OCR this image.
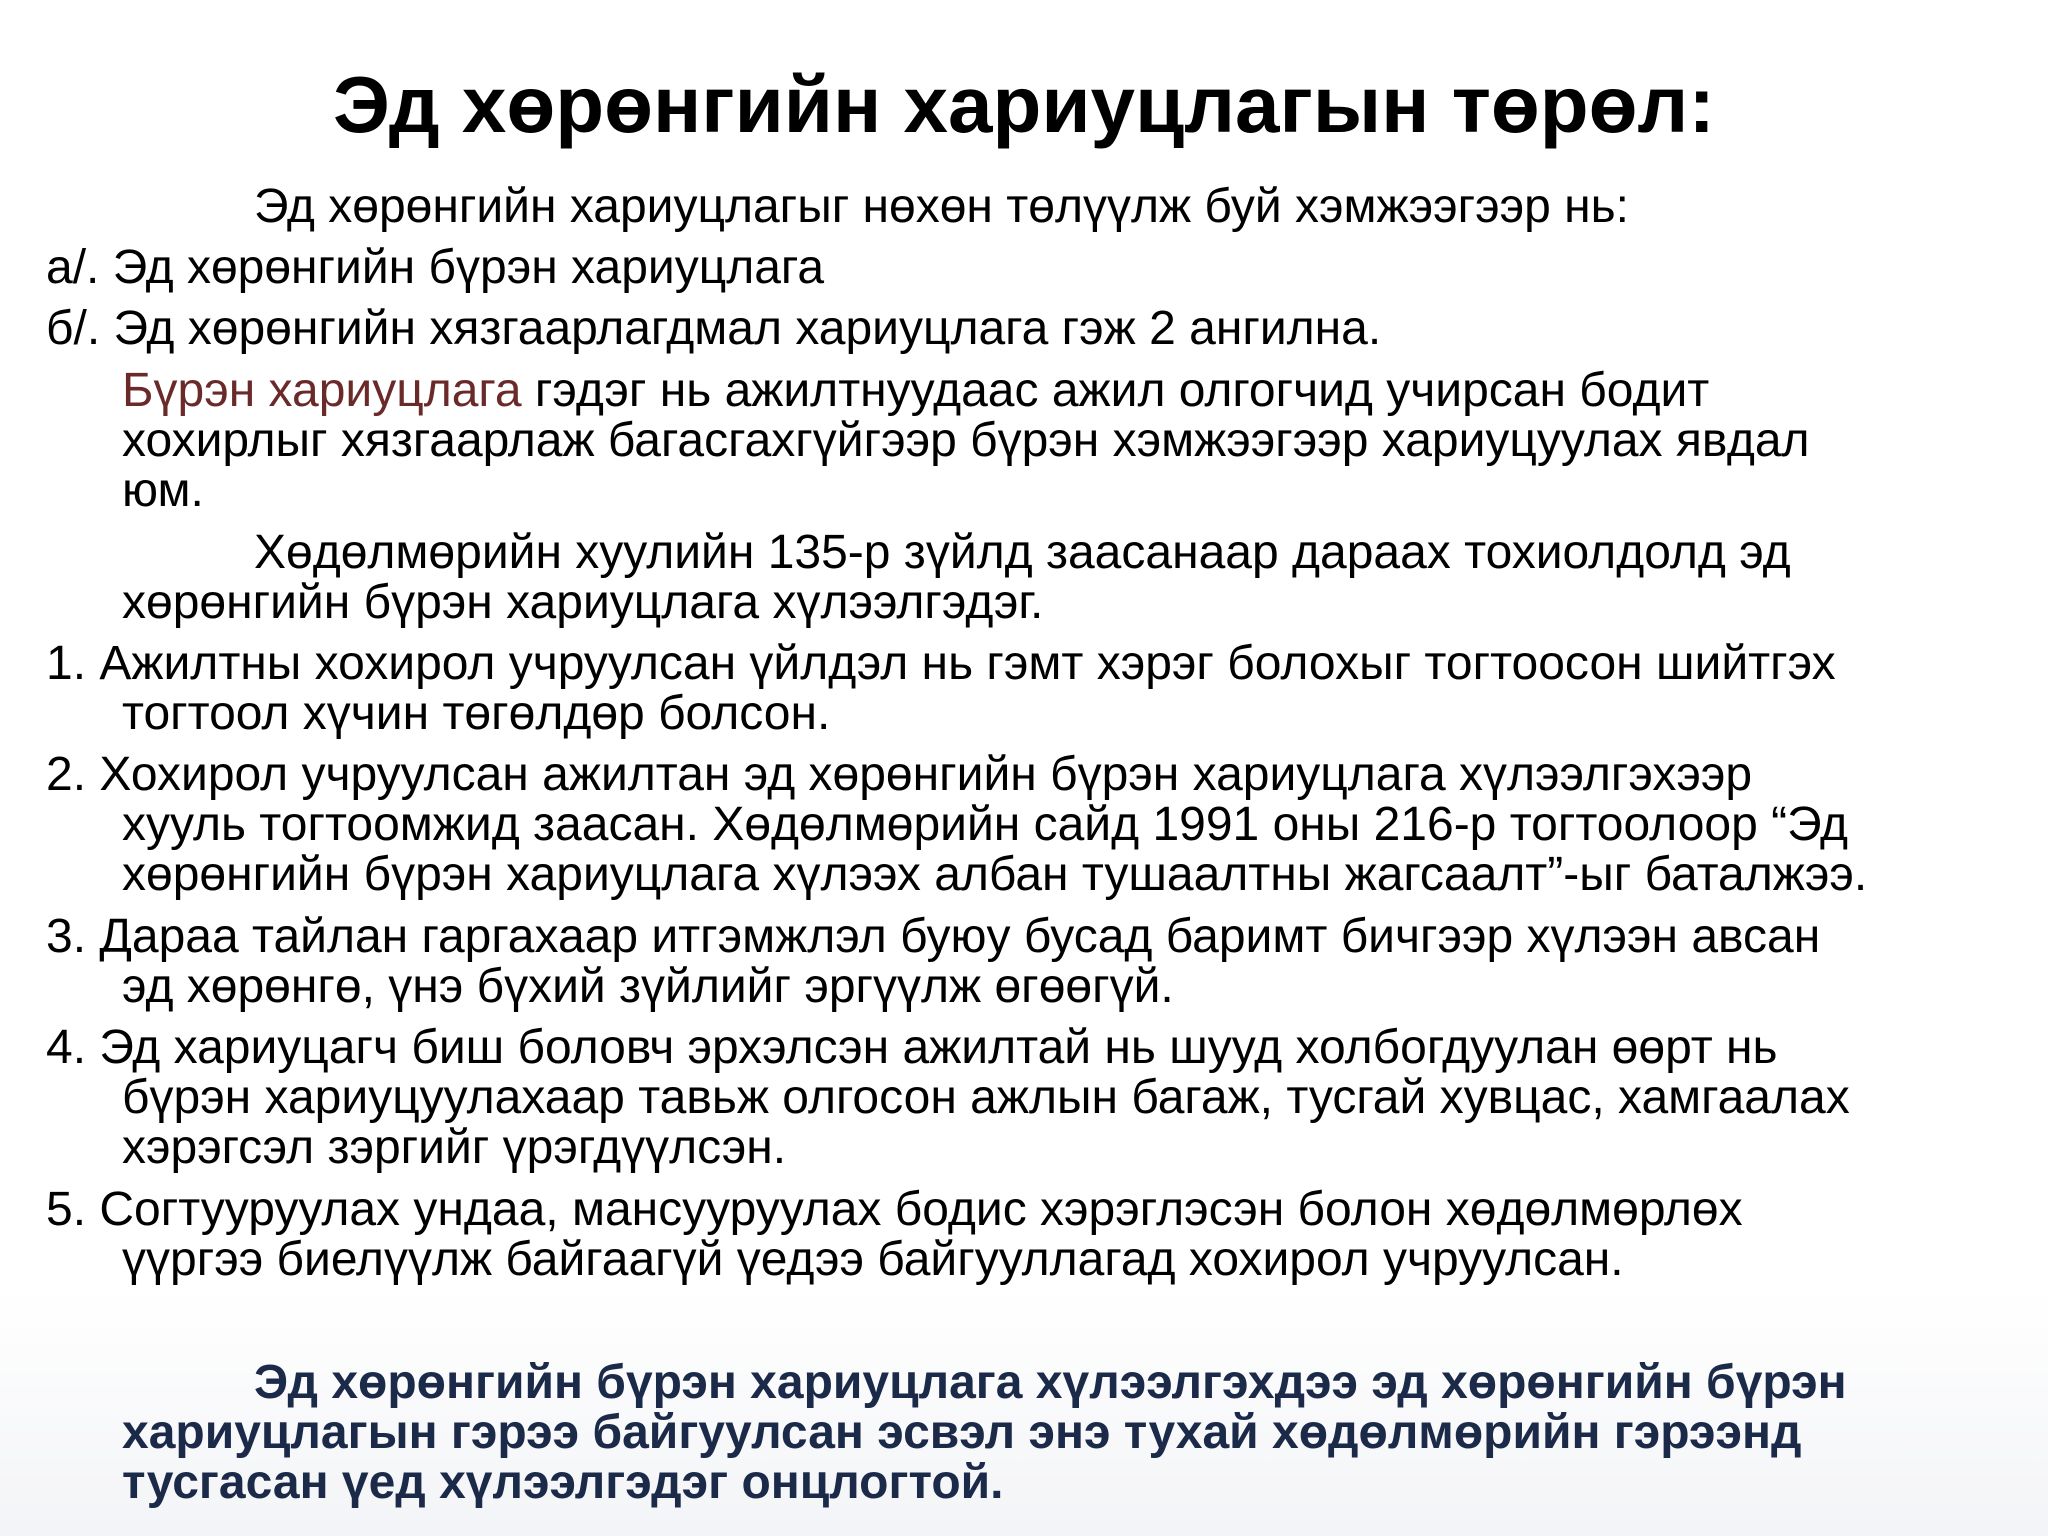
Эд хөрөнгийн хариуцлагын төрөл:
Эд хөрөнгийн хариуцлагыг нөхөн төлүүлж буй хэмжээгээр нь:
а/. Эд хөрөнгийн бүрэн хариуцлага
б/. Эд хөрөнгийн хязгаарлагдмал хариуцлага гэж 2 ангилна.
Бүрэн хариуцлага гэдэг нь ажилтнуудаас ажил олгогчид учирсан бодит
хохирлыг хязгаарлаж багасгахгүйгээр бүрэн хэмжээгээр хариуцуулах явдал
юм.
Хөдөлмөрийн хуулийн 135-р зүйлд заасанаар дараах тохиолдолд эд
хөрөнгийн бүрэн хариуцлага хүлээлгэдэг.
1. Ажилтны хохирол учруулсан үйлдэл нь гэмт хэрэг болохыг тогтоосон шийтгэх
тогтоол хүчин төгөлдөр болсон.
2. Хохирол учруулсан ажилтан эд хөрөнгийн бүрэн хариуцлага хүлээлгэхээр
хууль тогтоомжид заасан. Хөдөлмөрийн сайд 1991 оны 216-р тогтоолоор “Эд
хөрөнгийн бүрэн хариуцлага хүлээх албан тушаалтны жагсаалт”-ыг баталжээ.
3. Дараа тайлан гаргахаар итгэмжлэл буюу бусад баримт бичгээр хүлээн авсан
эд хөрөнгө, үнэ бүхий зүйлийг эргүүлж өгөөгүй.
4. Эд хариуцагч биш боловч эрхэлсэн ажилтай нь шууд холбогдуулан өөрт нь
бүрэн хариуцуулахаар тавьж олгосон ажлын багаж, тусгай хувцас, хамгаалах
хэрэгсэл зэргийг үрэгдүүлсэн.
5. Согтууруулах ундаа, мансууруулах бодис хэрэглэсэн болон хөдөлмөрлөх
үүргээ биелүүлж байгаагүй үедээ байгууллагад хохирол учруулсан.
Эд хөрөнгийн бүрэн хариуцлага хүлээлгэхдээ эд хөрөнгийн бүрэн
хариуцлагын гэрээ байгуулсан эсвэл энэ тухай хөдөлмөрийн гэрээнд
тусгасан үед хүлээлгэдэг онцлогтой.
